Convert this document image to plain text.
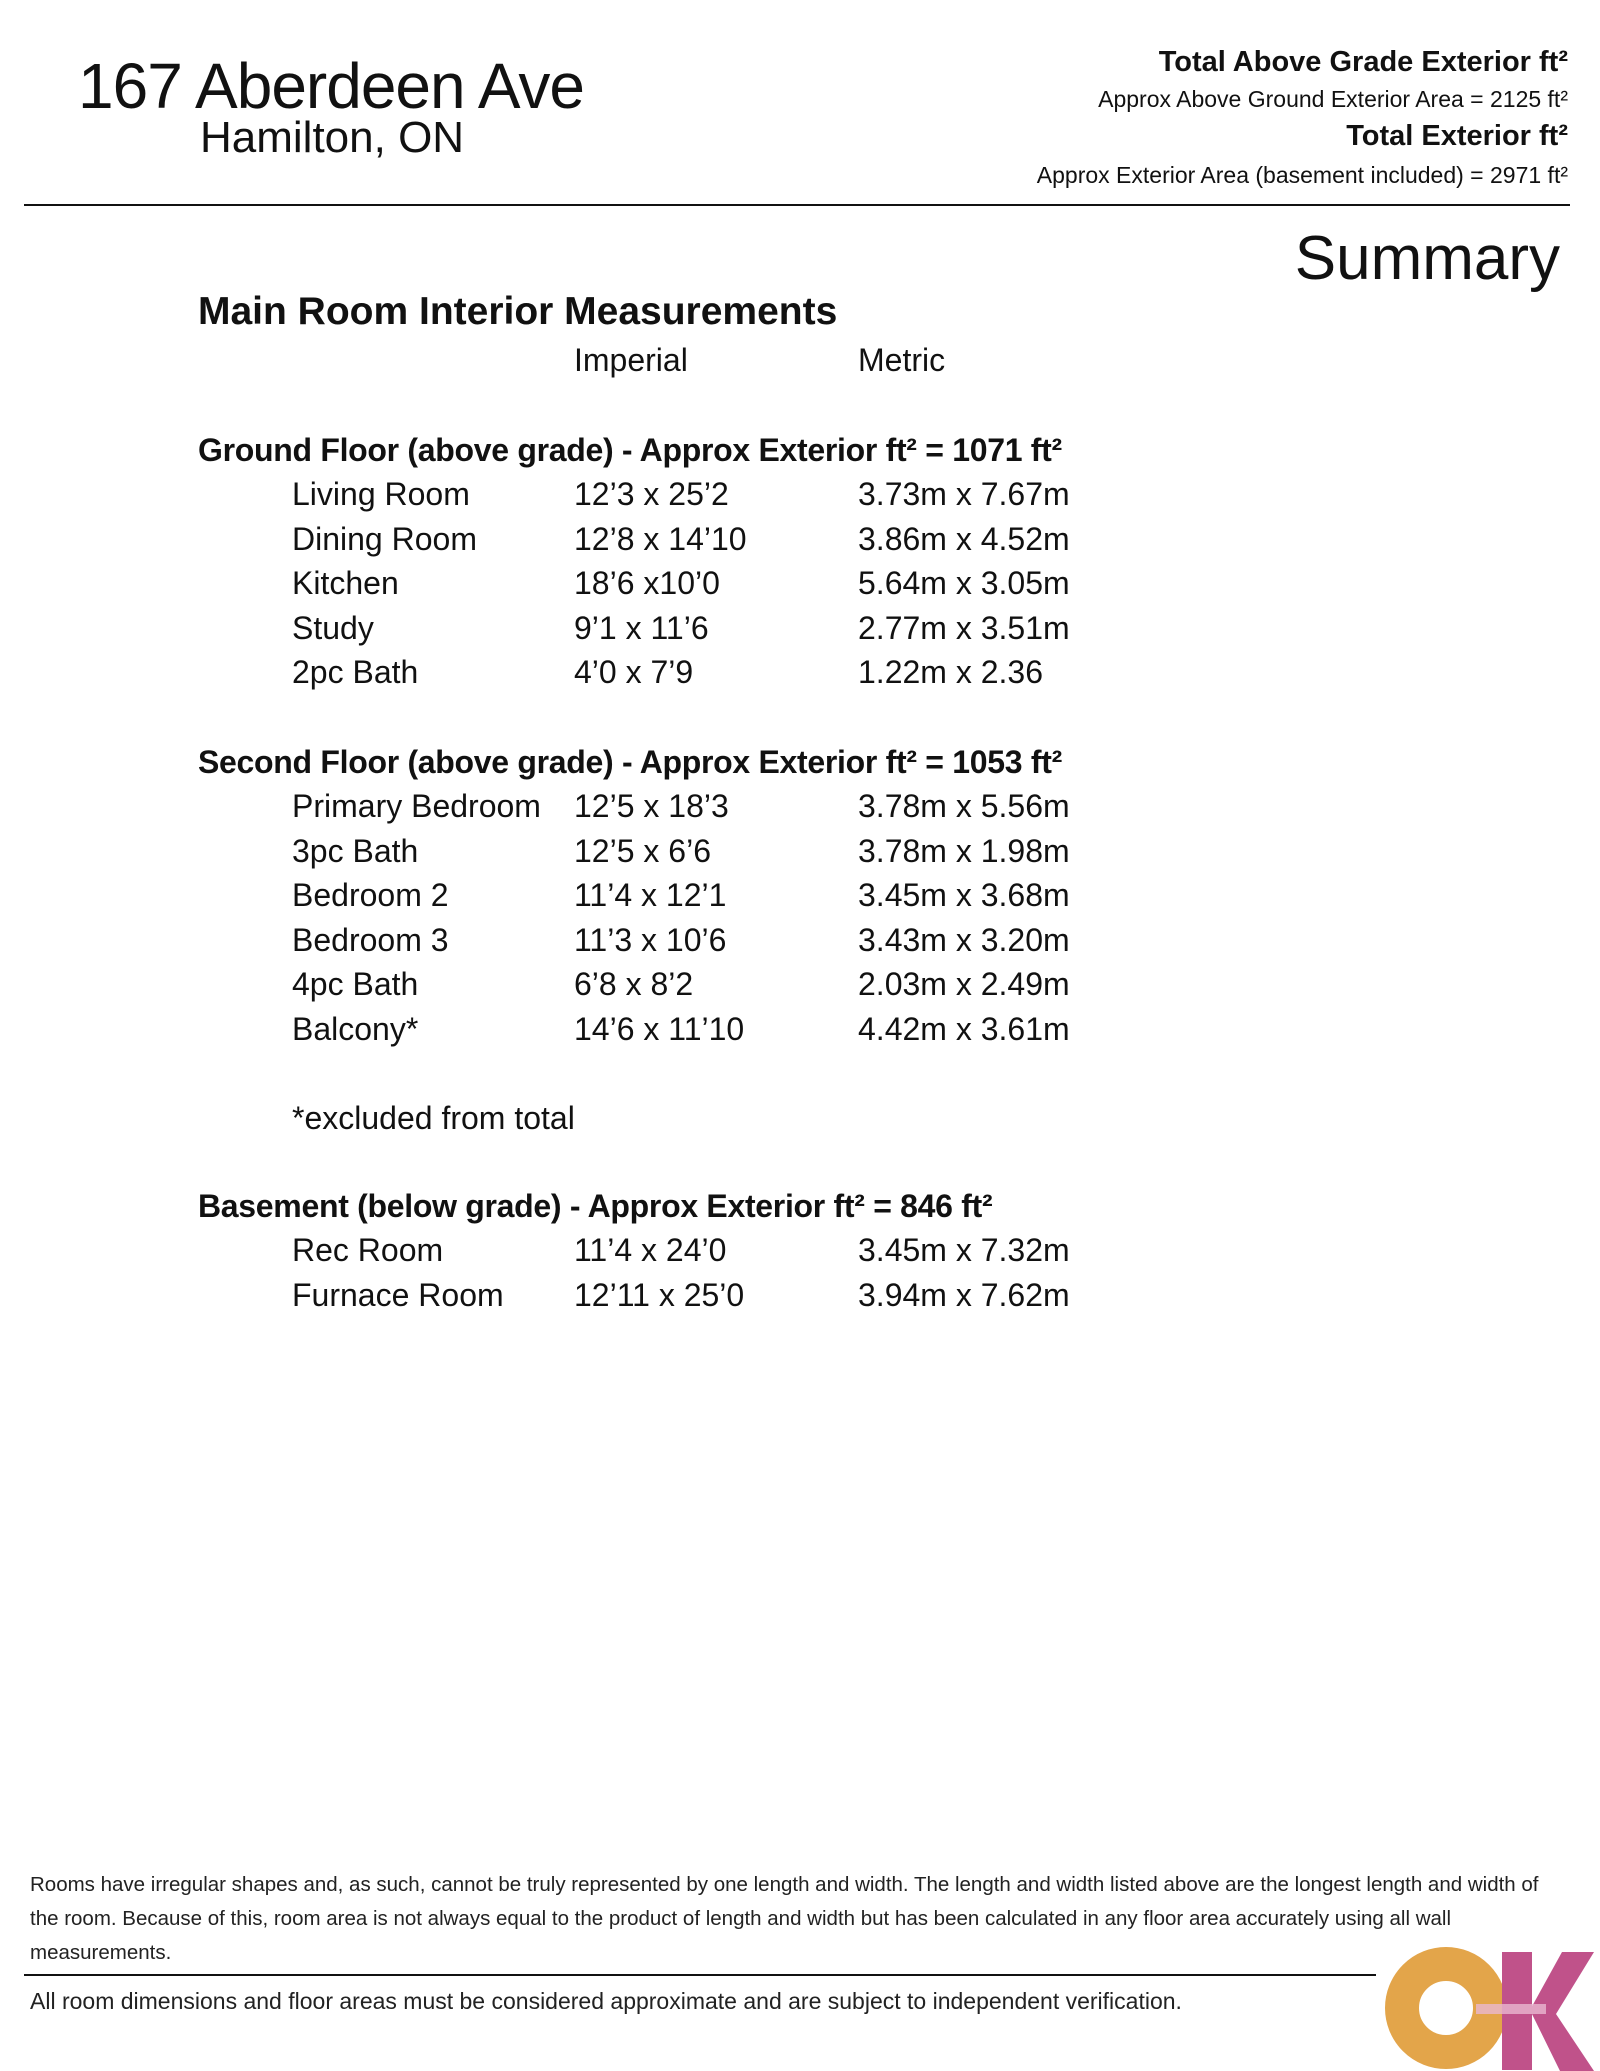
167 Aberdeen Ave
Hamilton, ON
Total Above Grade Exterior ft²
Approx Above Ground Exterior Area = 2125 ft²
Total Exterior ft²
Approx Exterior Area (basement included) = 2971 ft²
Summary
Main Room Interior Measurements
Imperial	Metric
Ground Floor (above grade) - Approx Exterior ft² = 1071 ft²
Living Room	12’3 x 25’2	3.73m x 7.67m
Dining Room	12’8 x 14’10	3.86m x 4.52m
Kitchen	18’6 x10’0	5.64m x 3.05m
Study	9’1 x 11’6	2.77m x 3.51m
2pc Bath	4’0 x 7’9	1.22m x 2.36
Second Floor (above grade) - Approx Exterior ft² = 1053 ft²
Primary Bedroom 12’5 x 18’3	3.78m x 5.56m
3pc Bath	12’5 x 6’6	3.78m x 1.98m
Bedroom 2	11’4 x 12’1	3.45m x 3.68m
Bedroom 3	11’3 x 10’6	3.43m x 3.20m
4pc Bath	6’8 x 8’2	2.03m x 2.49m
Balcony*	14’6 x 11’10	4.42m x 3.61m
*excluded from total
Basement (below grade) - Approx Exterior ft² = 846 ft²
Rec Room	11’4 x 24’0	3.45m x 7.32m
Furnace Room 12’11 x 25’0	3.94m x 7.62m
Rooms have irregular shapes and, as such, cannot be truly represented by one length and width. The length and width listed above are the longest length and width of the room. Because of this, room area is not always equal to the product of length and width but has been calculated in any floor area accurately using all wall measurements.
All room dimensions and floor areas must be considered approximate and are subject to independent verification.
